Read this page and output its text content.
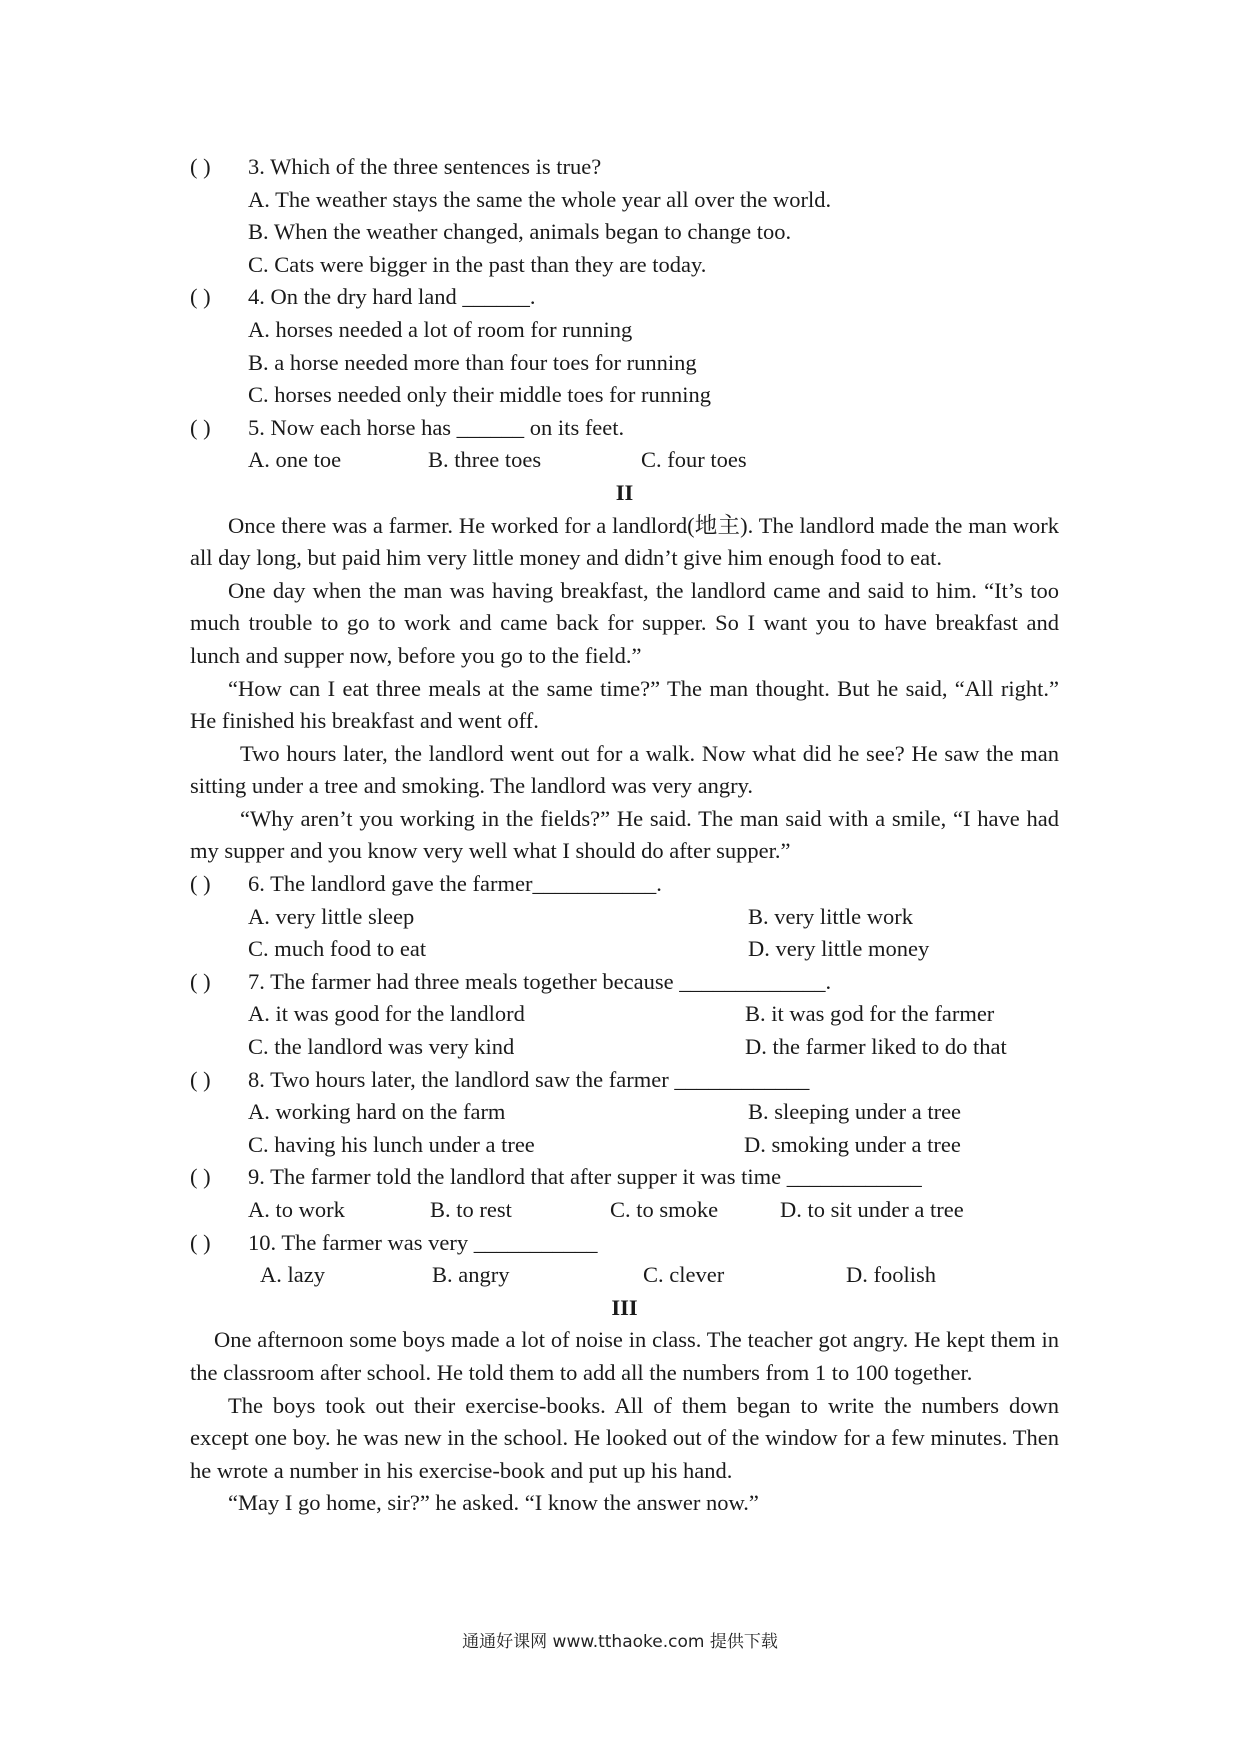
( )	3. Which of the three sentences is true?
A. The weather stays the same the whole year all over the world.
B. When the weather changed, animals began to change too.
C. Cats were bigger in the past than they are today.
( )	4. On the dry hard land ______.
A. horses needed a lot of room for running
B. a horse needed more than four toes for running
C. horses needed only their middle toes for running
( )	5. Now each horse has ______ on its feet.
A. one toe	B. three toes	C. four toes
II
Once there was a farmer. He worked for a landlord(地主). The landlord made the man work all day long, but paid him very little money and didn’t give him enough food to eat.
One day when the man was having breakfast, the landlord came and said to him. “It’s too much trouble to go to work and came back for supper. So I want you to have breakfast and lunch and supper now, before you go to the field.”
“How can I eat three meals at the same time?” The man thought. But he said, “All right.” He finished his breakfast and went off.
Two hours later, the landlord went out for a walk. Now what did he see? He saw the man sitting under a tree and smoking. The landlord was very angry.
“Why aren’t you working in the fields?” He said. The man said with a smile, “I have had my supper and you know very well what I should do after supper.”
( )	6. The landlord gave the farmer___________.
A. very little sleep	B. very little work
C. much food to eat	D. very little money
( )	7. The farmer had three meals together because _____________.
A. it was good for the landlord	B. it was god for the farmer
C. the landlord was very kind	D. the farmer liked to do that
( )	8. Two hours later, the landlord saw the farmer ____________
A. working hard on the farm	B. sleeping under a tree
C. having his lunch under a tree	D. smoking under a tree
( )	9. The farmer told the landlord that after supper it was time ____________
A. to work	B. to rest	C. to smoke	D. to sit under a tree
( )	10. The farmer was very ___________
A. lazy	B. angry	C. clever	D. foolish
III
One afternoon some boys made a lot of noise in class. The teacher got angry. He kept them in the classroom after school. He told them to add all the numbers from 1 to 100 together.
The boys took out their exercise-books. All of them began to write the numbers down except one boy. he was new in the school. He looked out of the window for a few minutes. Then he wrote a number in his exercise-book and put up his hand.
“May I go home, sir?” he asked. “I know the answer now.”
通通好课网 www.tthaoke.com 提供下载
